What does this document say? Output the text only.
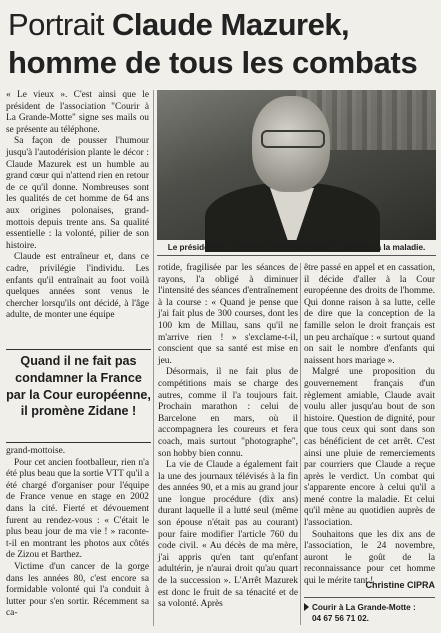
Portrait Claude Mazurek,
homme de tous les combats
Le président de "Courir à la Grande-Motte" a fait face à la maladie.

« Le vieux ». C'est ainsi que le président de l'association "Courir à La Grande-Motte" signe ses mails ou se présente au téléphone.

Sa façon de pousser l'humour jusqu'à l'autodérision plante le décor : Claude Mazurek est un humble au grand cœur qui n'attend rien en retour de ce qu'il donne. Nombreuses sont les qualités de cet homme de 64 ans aux origines polonaises, grand-mottois depuis trente ans. Sa qualité essentielle : la volonté, pilier de son histoire.

Claude est entraîneur et, dans ce cadre, privilégie l'individu. Les enfants qu'il entraînait au foot voilà quelques années sont venus le chercher lorsqu'ils ont décidé, à l'âge adulte, de monter une équipe

Quand il ne fait pas condamner la France par la Cour européenne, il promène Zidane !

grand-mottoise.

Pour cet ancien footballeur, rien n'a été plus beau que la sortie VTT qu'il a été chargé d'organiser pour l'équipe de France venue en stage en 2002 dans la cité. Fierté et dévouement furent au rendez-vous : « C'était le plus beau jour de ma vie ! » raconte-t-il en montrant les photos aux côtés de Zizou et Barthez.

Victime d'un cancer de la gorge dans les années 80, c'est encore sa formidable volonté qui l'a conduit à lutter pour s'en sortir. Récemment sa ca-

rotide, fragilisée par les séances de rayons, l'a obligé à diminuer l'intensité des séances d'entraînement à la course : « Quand je pense que j'ai fait plus de 300 courses, dont les 100 km de Millau, sans qu'il ne m'arrive rien ! » s'exclame-t-il, conscient que sa santé est mise en jeu.

Désormais, il ne fait plus de compétitions mais se charge des autres, comme il l'a toujours fait. Prochain marathon : celui de Barcelone en mars, où il accompagnera les coureurs et fera coach, mais surtout "photographe", son hobby bien connu.

La vie de Claude a également fait la une des journaux télévisés à la fin des années 90, et a mis au grand jour une longue procédure (dix ans) durant laquelle il a lutté seul (même son épouse n'était pas au courant) pour faire modifier l'article 760 du code civil. « Au décès de ma mère, j'ai appris qu'en tant qu'enfant adultérin, je n'aurai droit qu'au quart de la succession ». L'Arrêt Mazurek est donc le fruit de sa ténacité et de sa volonté. Après

être passé en appel et en cassation, il décide d'aller à la Cour européenne des droits de l'homme. Qui donne raison à sa lutte, celle de dire que la conception de la famille selon le droit français est un peu archaïque : « surtout quand on sait le nombre d'enfants qui naissent hors mariage ».

Malgré une proposition du gouvernement français d'un règlement amiable, Claude avait voulu aller jusqu'au bout de son histoire. Question de dignité, pour que tous ceux qui sont dans son cas bénéficient de cet arrêt. C'est ainsi une pluie de remerciements par courriers que Claude a reçue après le verdict. Un combat qui s'apparente encore à celui qu'il a mené contre la maladie. Et celui qu'il mène au quotidien auprès de l'association.

Souhaitons que les dix ans de l'association, le 24 novembre, auront le goût de la reconnaissance pour cet homme qui le mérite tant !

Christine CIPRA
Courir à La Grande-Motte :
04 67 56 71 02.
